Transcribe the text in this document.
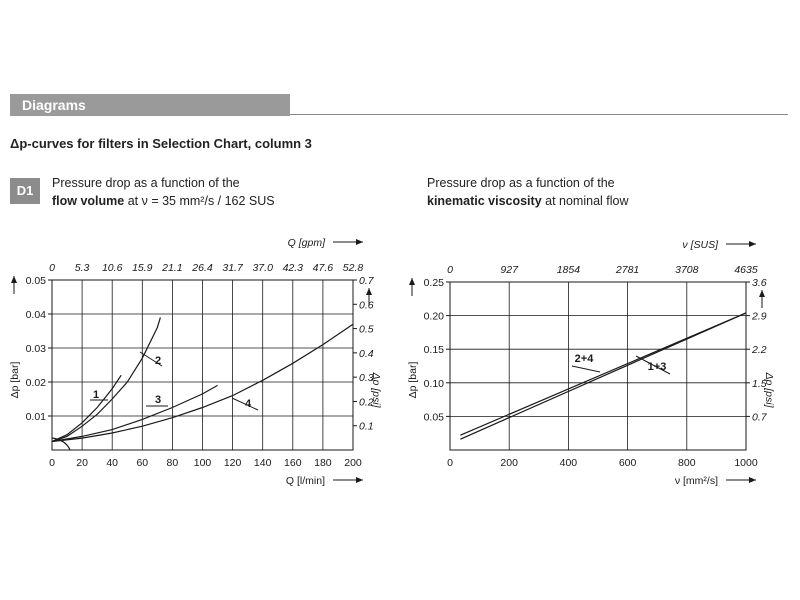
Diagrams
Δp-curves for filters in Selection Chart, column 3
D1	Pressure drop as a function of the
flow volume at ν = 35 mm²/s / 162 SUS
Pressure drop as a function of the
kinematic viscosity at nominal flow
0 20 40 60 80 100 120 140 160 180 200
0 5.3 10.6 15.9 21.1 26.4 31.7 37.0 42.3 47.6 52.8
0.01
0.02
0.03
0.04
0.05
0.1
0.2
0.3
0.4
0.5
0.6
0.7
Q [l/min]
Q [gpm]
Δp [bar]	Δp [psi]
0	200	400	600	800	1000
0	927	1854	2781	3708	4635
0.05
0.10
0.15
0.20
0.25
0.7
1.5
2.2
2.9
3.6
ν [mm²/s]
ν [SUS]
Δp [bar]	Δp [psi]
1
2
3	4
2+4
1+3
